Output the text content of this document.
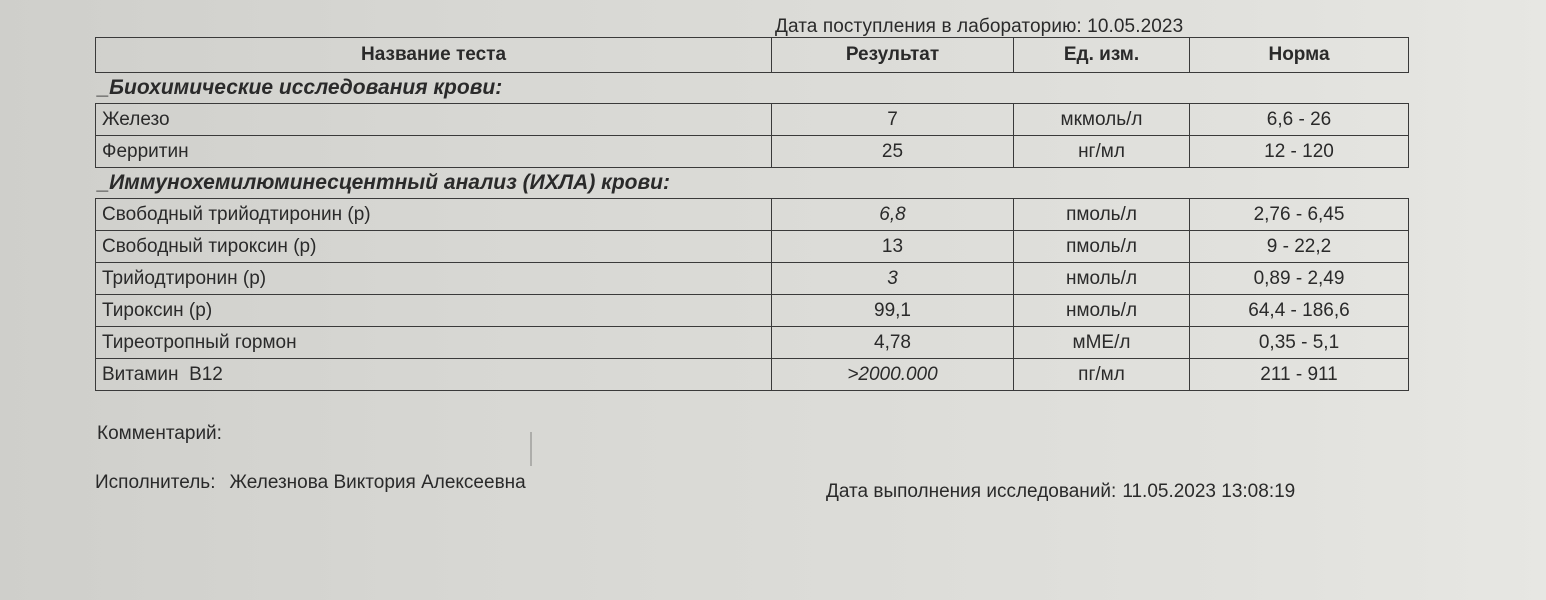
Дата поступления в лабораторию: 10.05.2023
Название теста	Результат	Ед. изм.	Норма
_Биохимические исследования крови:			
Железо	7	мкмоль/л	6,6 - 26
Ферритин	25	нг/мл	12 - 120
_Иммунохемилюминесцентный анализ (ИХЛА) крови:			
Свободный трийодтиронин (р)	6,8	пмоль/л	2,76 - 6,45
Свободный тироксин (р)	13	пмоль/л	9 - 22,2
Трийодтиронин (р)	3	нмоль/л	0,89 - 2,49
Тироксин (р)	99,1	нмоль/л	64,4 - 186,6
Тиреотропный гормон	4,78	мМЕ/л	0,35 - 5,1
Витамин  В12	>2000.000	пг/мл	211 - 911
Комментарий:
Исполнитель: Железнова Виктория Алексеевна	Дата выполнения исследований: 11.05.2023 13:08:19
